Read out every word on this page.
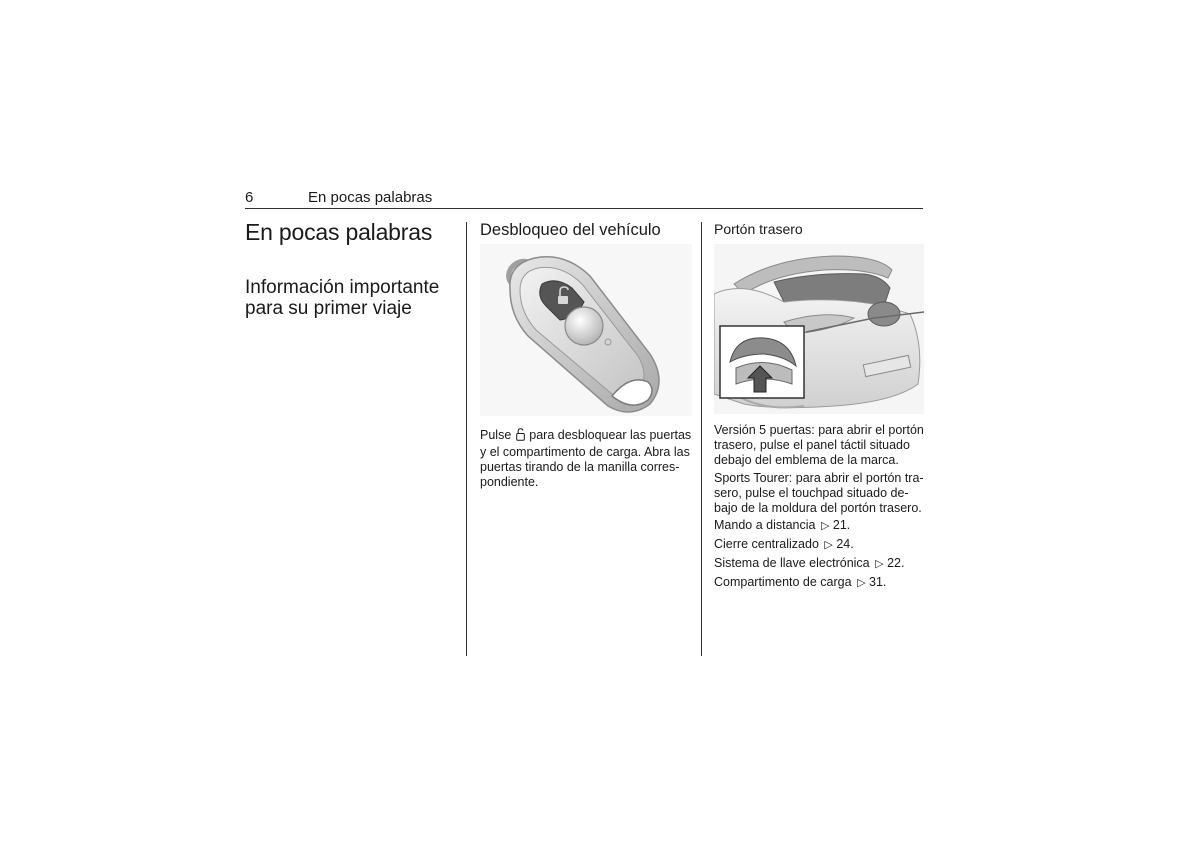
6	En pocas palabras
En pocas palabras
Información importante para su primer viaje
Desbloqueo del vehículo
Pulse para desbloquear las puertas y el compartimento de carga. Abra las puertas tirando de la manilla corres- pondiente.
Portón trasero
Versión 5 puertas: para abrir el portón trasero, pulse el panel táctil situado debajo del emblema de la marca.
Sports Tourer: para abrir el portón tra- sero, pulse el touchpad situado de- bajo de la moldura del portón trasero.
Mando a distancia ▷ 21.
Cierre centralizado ▷ 24.
Sistema de llave electrónica ▷ 22.
Compartimento de carga ▷ 31.
